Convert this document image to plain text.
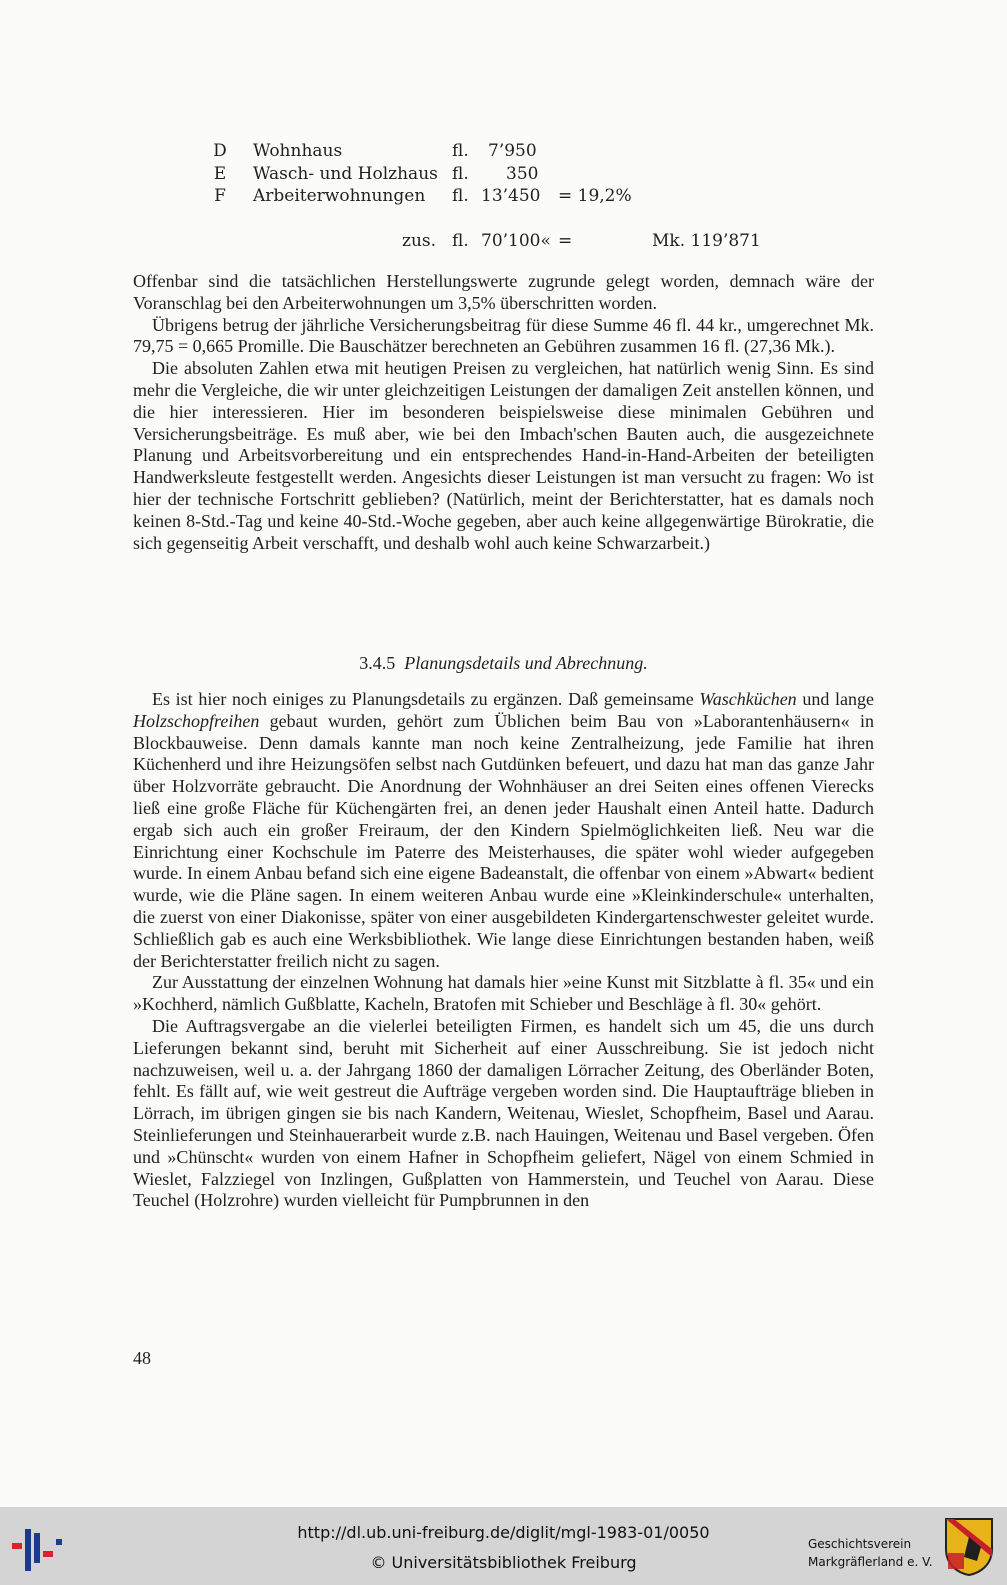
D Wohnhaus	fl. 7’950
E Wasch- und Holzhaus fl. 350
F Arbeiterwohnungen fl. 13’450 = 19,2%
zus. fl. 70’100« =	Mk. 119’871

Offenbar sind die tatsächlichen Herstellungswerte zugrunde gelegt worden, demnach wäre der Voranschlag bei den Arbeiterwohnungen um 3,5% überschritten worden.

Übrigens betrug der jährliche Versicherungsbeitrag für diese Summe 46 fl. 44 kr., umgerechnet Mk. 79,75 = 0,665 Promille. Die Bauschätzer berechneten an Gebühren zusammen 16 fl. (27,36 Mk.).

Die absoluten Zahlen etwa mit heutigen Preisen zu vergleichen, hat natürlich wenig Sinn. Es sind mehr die Vergleiche, die wir unter gleichzeitigen Leistungen der damaligen Zeit anstellen können, und die hier interessieren. Hier im besonderen beispielsweise diese minimalen Gebühren und Versicherungsbeiträge. Es muß aber, wie bei den Imbach'schen Bauten auch, die ausgezeichnete Planung und Arbeitsvorbereitung und ein entsprechendes Hand-in-Hand-Arbeiten der beteiligten Handwerksleute festgestellt werden. Angesichts dieser Leistungen ist man versucht zu fragen: Wo ist hier der technische Fortschritt geblieben? (Natürlich, meint der Berichterstatter, hat es damals noch keinen 8-Std.-Tag und keine 40-Std.-Woche gegeben, aber auch keine allgegenwärtige Bürokratie, die sich gegenseitig Arbeit verschafft, und deshalb wohl auch keine Schwarzarbeit.)

3.4.5 Planungsdetails und Abrechnung.

Es ist hier noch einiges zu Planungsdetails zu ergänzen. Daß gemeinsame Waschküchen und lange Holzschopfreihen gebaut wurden, gehört zum Üblichen beim Bau von »Laborantenhäusern« in Blockbauweise. Denn damals kannte man noch keine Zentralheizung, jede Familie hat ihren Küchenherd und ihre Heizungsöfen selbst nach Gutdünken befeuert, und dazu hat man das ganze Jahr über Holzvorräte gebraucht. Die Anordnung der Wohnhäuser an drei Seiten eines offenen Vierecks ließ eine große Fläche für Küchengärten frei, an denen jeder Haushalt einen Anteil hatte. Dadurch ergab sich auch ein großer Freiraum, der den Kindern Spielmöglichkeiten ließ. Neu war die Einrichtung einer Kochschule im Paterre des Meisterhauses, die später wohl wieder aufgegeben wurde. In einem Anbau befand sich eine eigene Badeanstalt, die offenbar von einem »Abwart« bedient wurde, wie die Pläne sagen. In einem weiteren Anbau wurde eine »Kleinkinderschule« unterhalten, die zuerst von einer Diakonisse, später von einer ausgebildeten Kindergartenschwester geleitet wurde. Schließlich gab es auch eine Werksbibliothek. Wie lange diese Einrichtungen bestanden haben, weiß der Berichterstatter freilich nicht zu sagen.

Zur Ausstattung der einzelnen Wohnung hat damals hier »eine Kunst mit Sitzblatte à fl. 35« und ein »Kochherd, nämlich Gußblatte, Kacheln, Bratofen mit Schieber und Beschläge à fl. 30« gehört.

Die Auftragsvergabe an die vielerlei beteiligten Firmen, es handelt sich um 45, die uns durch Lieferungen bekannt sind, beruht mit Sicherheit auf einer Ausschreibung. Sie ist jedoch nicht nachzuweisen, weil u. a. der Jahrgang 1860 der damaligen Lörracher Zeitung, des Oberländer Boten, fehlt. Es fällt auf, wie weit gestreut die Aufträge vergeben worden sind. Die Hauptaufträge blieben in Lörrach, im übrigen gingen sie bis nach Kandern, Weitenau, Wieslet, Schopfheim, Basel und Aarau. Steinlieferungen und Steinhauerarbeit wurde z.B. nach Hauingen, Weitenau und Basel vergeben. Öfen und »Chünscht« wurden von einem Hafner in Schopfheim geliefert, Nägel von einem Schmied in Wieslet, Falzziegel von Inzlingen, Gußplatten von Hammerstein, und Teuchel von Aarau. Diese Teuchel (Holzrohre) wurden vielleicht für Pumpbrunnen in den

48
http://dl.ub.uni-freiburg.de/diglit/mgl-1983-01/0050
© Universitätsbibliothek Freiburg
Geschichtsverein
Markgräflerland e. V.
